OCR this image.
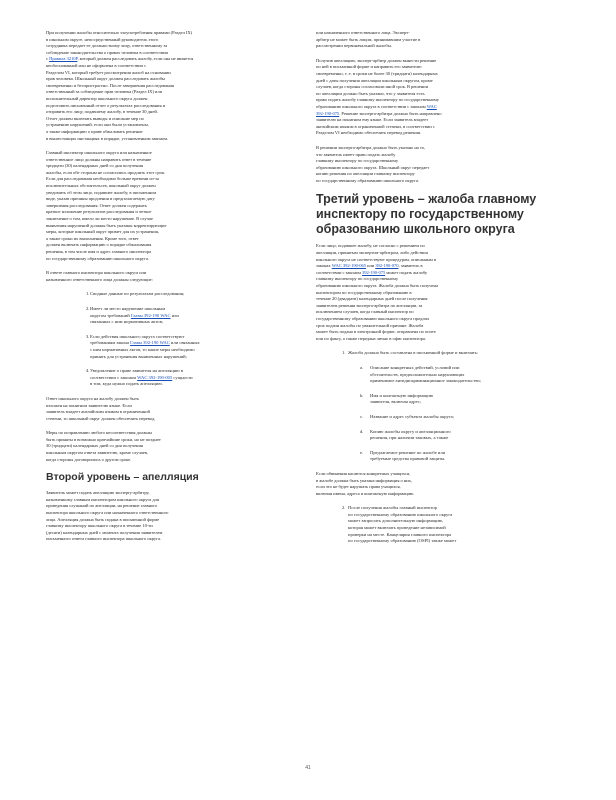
При получении жалобы относительно злоупотребления правами (Раздел IX)
в школьном округе, непосредственный руководитель этого
сотрудника передает ее должностному лицу, ответственному за
соблюдение законодательства о правах человека в соответствии
с Правила 3210P, который должен расследовать жалобу, если она не является
необоснованной или не оформлена в соответствии с
Разделом VI, который требует рассмотрения жалоб на основании
прав человека. Школьный округ должен расследовать жалобы
своевременно и беспристрастно. После завершения расследования
ответственный за соблюдение прав человека (Раздел IX) или
исполнительный директор школьного округа должен
подготовить письменный отчет о результатах расследования и
отправить его лицу, подавшему жалобу, в течение 30 дней.
Отчет должен включать выводы и описание мер по
устранению нарушений, если они были установлены,
а также информацию о праве обжаловать решение
в вышестоящих инстанциях в порядке, установленном законом.

Главный инспектор школьного округа или назначенное
ответственное лицо должны направить ответ в течение
тридцати (30) календарных дней со дня получения
жалобы, если обе стороны не согласились продлить этот срок.
Если для расследования необходимо больше времени из-за
исключительных обстоятельств, школьный округ должен
уведомить об этом лицо, подавшее жалобу, в письменном
виде, указав причины продления и предполагаемую дату
завершения расследования. Ответ должен содержать
краткое изложение результатов расследования и четкое
заключение о том, имело ли место нарушение. В случае
выявления нарушений должны быть указаны корректирующие
меры, которые школьный округ примет для их устранения,
а также сроки их выполнения. Кроме того, ответ
должен включать информацию о порядке обжалования
решения, в том числе имя и адрес главного инспектора
по государственному образованию школьного округа.

В ответе главного инспектора школьного округа или
назначенного ответственного лица должны следующие:

1. Сводные данные по результатам расследования;
2. Имеет ли место нарушение школьным
округом требований Главы 392-190 WAC или
связанных с ним нормативных актов;
3. Если действия школьного округа соответствуют
требованиям закона Главы 392-190 WAC или связанных
с ним нормативных актов, то какие меры необходимо
принять для устранения выявленных нарушений;
4. Уведомление о праве заявителя на апелляцию в
соответствии с законом WAC 392-190-005 сущности
в том, куда нужно подать апелляцию.

Ответ школьного округа на жалобу должен быть
изложен на понятном заявителю языке. Если
заявитель владеет английским языком в ограниченной
степени, то школьный округ должен обеспечить перевод.

Меры по исправлению любого несоответствия должны
быть приняты в возможно кратчайшие сроки, но не позднее
30 (тридцати) календарных дней со дня получения
школьным округом ответа заявителю, кроме случаев,
когда стороны договорились о другом сроке.

Второй уровень – апелляция

Заявитель может подать апелляцию эксперту-арбитру,
назначенному главным инспектором школьного округа для
проведения слушаний по апелляции, на решение главного
инспектора школьного округа или назначенного ответственного
лица. Апелляция должна быть подана в письменной форме
главному инспектору школьного округа в течение 10-ти
(десяти) календарных дней с момента получения заявителем
письменного ответа главного инспектора школьного округа.

или назначенного ответственного лица. Эксперт-
арбитр не может быть лицом, принимавшим участие в
рассмотрении первоначальной жалобы.

Получив апелляцию, эксперт-арбитр должен вынести решение
по ней в письменной форме и направить его заявителю
своевременно, т. е. в сроки не более 30 (тридцати) календарных
дней с даты получения апелляции школьным округом, кроме
случаев, когда стороны согласовали иной срок. В решении
по апелляции должно быть указано, что у заявителя есть
право подать жалобу главному инспектору по государственному
образованию школьного округа в соответствии с законом WAC
392-190-075. Решение эксперта-арбитра должно быть направлено
заявителю на понятном ему языке. Если заявитель владеет
английским языком в ограниченной степени, в соответствии с
Разделом VI необходимо обеспечить перевод решения.

В решении эксперта-арбитра должно быть указано на то,
что заявитель имеет право подать жалобу
главному инспектору по государственному
образованию школьного округа. Школьный округ передает
копию решения по апелляции главному инспектору
по государственному образованию школьного округа.

Третий уровень – жалоба главному
инспектору по государственному
образованию школьного округа

Если лицо, подавшее жалобу, не согласно с решением по
апелляции, принятым экспертом-арбитром, либо действия
школьного округа не соответствуют процедурам, описанным в
законах WAC 392-190-065 или 392-190-070, заявитель в
соответствии с законом 392-190-075 может подать жалобу
главному инспектору по государственному
образованию школьного округа. Жалоба должна быть получена
инспектором по государственному образованию в
течение 20 (двадцати) календарных дней после получения
заявителем решения эксперта-арбитра по апелляции, за
исключением случаев, когда главный инспектор по
государственному образованию школьного округа продлил
срок подачи жалобы по уважительной причине. Жалоба
может быть подана в электронной форме, отправлена по почте
или по факсу, а также передана лично в офис инспектора.

1. Жалоба должна быть составлена в письменной форме и включать:
a. Описание конкретных действий, условий или
обстоятельств, предположительно нарушающих
применимое антидискриминационное законодательство;
b. Имя и контактную информацию
заявителя, включая адрес;
c. Название и адрес субъекта жалобы округа;
d. Копию жалобы округу и апелляционного
решения, при наличии таковых, а также
e. Предлагаемое решение по жалобе или
требуемые средства правовой защиты.

Если обвинения касаются конкретных учащихся,
в жалобе должна быть указана информация о них,
если это не будет нарушать права учащихся,
включая имена, адреса и контактную информацию.

2. После получения жалобы главный инспектор
по государственному образованию школьного округа
может запросить дополнительную информацию,
которая может включать проведение независимой
проверки на месте. Канцелярия главного инспектора
по государственному образованию (OSPI) также может
41
